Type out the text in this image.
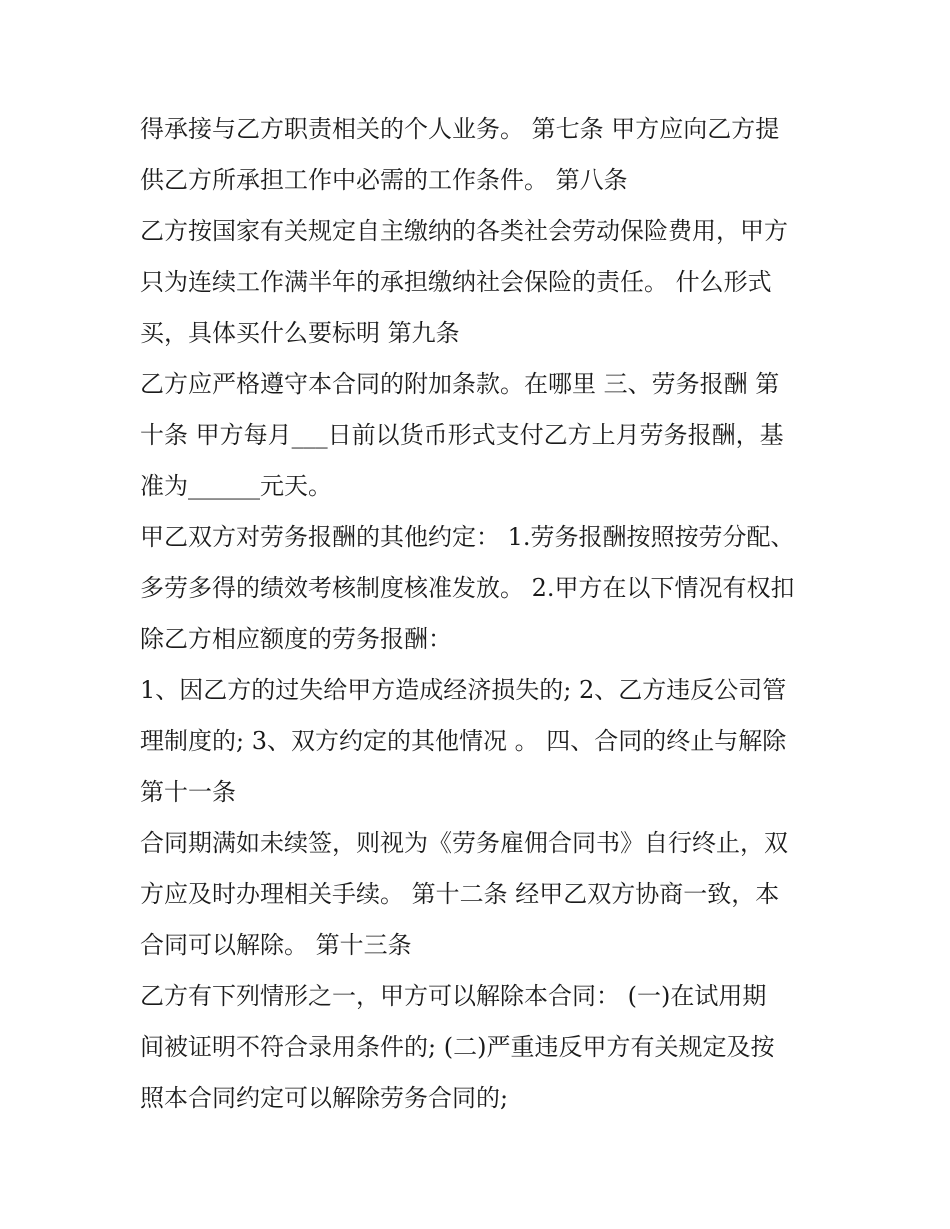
得承接与乙方职责相关的个人业务。 第七条 甲方应向乙方提
供乙方所承担工作中必需的工作条件。 第八条
乙方按国家有关规定自主缴纳的各类社会劳动保险费用，甲方
只为连续工作满半年的承担缴纳社会保险的责任。 什么形式
买，具体买什么要标明 第九条
乙方应严格遵守本合同的附加条款。在哪里 三、劳务报酬 第
十条 甲方每月___日前以货币形式支付乙方上月劳务报酬，基
准为______元天。
甲乙双方对劳务报酬的其他约定： 1.劳务报酬按照按劳分配、
多劳多得的绩效考核制度核准发放。 2.甲方在以下情况有权扣
除乙方相应额度的劳务报酬：
1、因乙方的过失给甲方造成经济损失的; 2、乙方违反公司管
理制度的; 3、双方约定的其他情况 。 四、合同的终止与解除
第十一条
合同期满如未续签，则视为《劳务雇佣合同书》自行终止，双
方应及时办理相关手续。 第十二条 经甲乙双方协商一致，本
合同可以解除。 第十三条
乙方有下列情形之一，甲方可以解除本合同： (一)在试用期
间被证明不符合录用条件的; (二)严重违反甲方有关规定及按
照本合同约定可以解除劳务合同的;
